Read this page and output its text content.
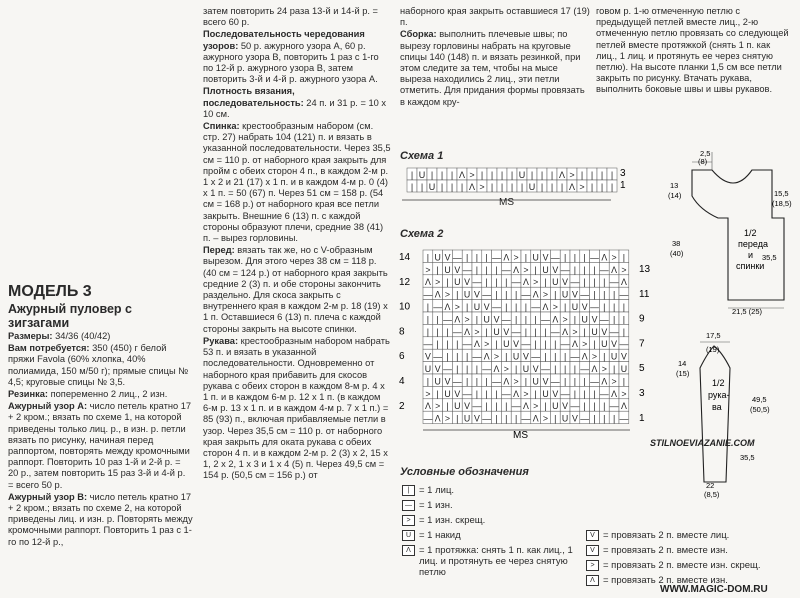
МОДЕЛЬ 3

Ажурный пуловер с зигзагами

Размеры: 34/36 (40/42)

Вам потребуется: 350 (450) г белой пряжи Favola (60% хлопка, 40% полиамида, 150 м/50 г); прямые спицы № 4,5; круговые спицы № 3,5.

Резинка: попеременно 2 лиц., 2 изн.

Ажурный узор А: число петель кратно 17 + 2 кром.; вязать по схеме 1, на которой приведены только лиц. р., в изн. р. петли вязать по рисунку, начиная перед раппортом, повторять между кромочными раппорт. Повторить 10 раз 1-й и 2-й р. = 20 р., затем повторить 15 раз 3-й и 4-й р. = всего 50 р.

Ажурный узор В: число петель кратно 17 + 2 кром.; вязать по схеме 2, на которой приведены лиц. и изн. р. Повторять между кромочными раппорт. Повторить 1 раз с 1-го по 12-й р.,

затем повторить 24 раза 13-й и 14-й р. = всего 60 р.

Последовательность чередования узоров: 50 р. ажурного узора А, 60 р. ажурного узора В, повторить 1 раз с 1-го по 12-й р. ажурного узора В, затем повторить 3-й и 4-й р. ажурного узора А.

Плотность вязания, последовательность: 24 п. и 31 р. = 10 х 10 см.

Спинка: крестообразным набором (см. стр. 27) набрать 104 (121) п. и вязать в указанной последовательности. Через 35,5 см = 110 р. от наборного края закрыть для пройм с обеих сторон 4 п., в каждом 2-м р. 1 х 2 и 21 (17) х 1 п. и в каждом 4-м р. 0 (4) х 1 п. = 50 (67) п. Через 51 см = 158 р. (54 см = 168 р.) от наборного края все петли закрыть. Внешние 6 (13) п. с каждой стороны образуют плечи, средние 38 (41) п. – вырез горловины.

Перед: вязать так же, но с V-образным вырезом. Для этого через 38 см = 118 р. (40 см = 124 р.) от наборного края закрыть средние 2 (3) п. и обе стороны закончить раздельно. Для скоса закрыть с внутреннего края в каждом 2-м р. 18 (19) х 1 п. Оставшиеся 6 (13) п. плеча с каждой стороны закрыть на высоте спинки.

Рукава: крестообразным набором набрать 53 п. и вязать в указанной последовательности. Одновременно от наборного края прибавить для скосов рукава с обеих сторон в каждом 8-м р. 4 х 1 п. и в каждом 6-м р. 12 х 1 п. (в каждом 6-м р. 13 х 1 п. и в каждом 4-м р. 7 х 1 п.) = 85 (93) п., включая прибавляемые петли в узор. Через 35,5 см = 110 р. от наборного края закрыть для оката рукава с обеих сторон 4 п. и в каждом 2-м р. 2 (3) х 2, 15 х 1, 2 х 2, 1 х 3 и 1 х 4 (5) п. Через 49,5 см = 154 р. (50,5 см = 156 р.) от

наборного края закрыть оставшиеся 17 (19) п.

Сборка: выполнить плечевые швы; по вырезу горловины набрать на круговые спицы 140 (148) п. и вязать резинкой, при этом следите за тем, чтобы на мысе выреза находились 2 лиц., эти петли отметить. Для придания формы провязать в каждом кру-

говом р. 1-ю отмеченную петлю с предыдущей петлей вместе лиц., 2-ю отмеченную петлю провязать со следующей петлей вместе протяжкой (снять 1 п. как лиц., 1 лиц. и протянуть ее через снятую петлю). На высоте планки 1,5 см все петли закрыть по рисунку. Втачать рукава, выполнить боковые швы и швы рукавов.

Схема 1
| U | | | Λ > | | | | U | | | Λ > | | | |
| | U | | | Λ > | | | | U | | | Λ > | | |
3
1
MS
Схема 2
| U V — | | | — Λ > | U V — | | | — Λ > |
> | U V — | | | — Λ > | U V — | | | — Λ >
Λ > | U V — | | | — Λ > | U V — | | | — Λ
— Λ > | U V — | | | — Λ > | U V — | | | —
| — Λ > | U V — | | | — Λ > | U V — | | |
| | — Λ > | U V — | | | — Λ > | U V — | |
| | | — Λ > | U V — | | | — Λ > | U V — |
— | | | — Λ > | U V — | | | — Λ > | U V —
V — | | | — Λ > | U V — | | | — Λ > | U V
U V — | | | — Λ > | U V — | | | — Λ > | U
| U V — | | | — Λ > | U V — | | | — Λ > |
> | U V — | | | — Λ > | U V — | | | — Λ >
Λ > | U V — | | | — Λ > | U V — | | | — Λ
— Λ > | U V — | | | — Λ > | U V — | | | —
14
12
10
8
6
4
2
13
11
9
7
5
3
1
MS
2,5
(8)
13
(14)	15,5
(18,5)
38
(40)
1/2
переда
и
спинки
35,5
21,5 (25)
17,5
(19)
14
(15)
1/2
рука-
ва
49,5
(50,5)
35,5
22
(8,5)
STILNOEVIAZANIE.COM
Условные обозначения
|	= 1 лиц.
— = 1 изн.
> = 1 изн. скрещ.
U = 1 накид
Λ = 1 протяжка: снять 1 п. как лиц., 1 лиц. и протянуть ее через снятую петлю
V = провязать 2 п. вместе лиц.
V = провязать 2 п. вместе изн.
> = провязать 2 п. вместе изн. скрещ.
Λ = провязать 2 п. вместе изн.
WWW.MAGIC-DOM.RU
